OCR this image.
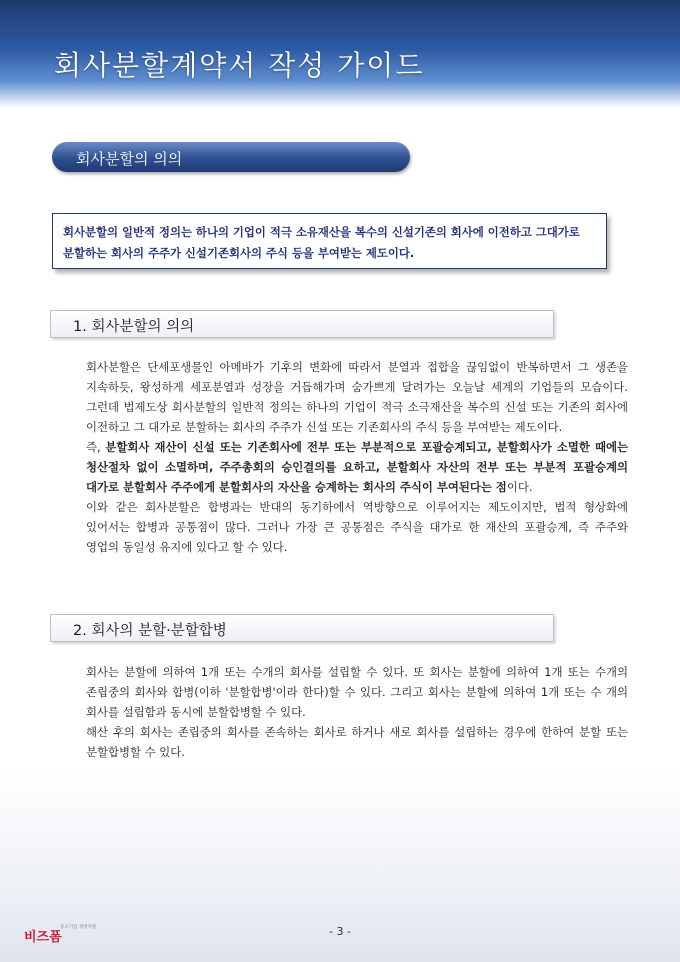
회사분할계약서 작성 가이드
회사분할의 의의
회사분할의 일반적 정의는 하나의 기업이 적극 소유재산을 복수의 신설기존의 회사에 이전하고 그대가로 분할하는 회사의 주주가 신설기존회사의 주식 등을 부여받는 제도이다.
1. 회사분할의 의의

회사분할은 단세포생물인 아메바가 기후의 변화에 따라서 분열과 접합을 끊임없이 반복하면서 그 생존을 지속하듯, 왕성하게 세포분열과 성장을 거듭해가며 숨가쁘게 달려가는 오늘날 세계의 기업들의 모습이다. 그런데 법제도상 회사분할의 일반적 정의는 하나의 기업이 적극 소극재산을 복수의 신설 또는 기존의 회사에 이전하고 그 대가로 분할하는 회사의 주주가 신설 또는 기존회사의 주식 등을 부여받는 제도이다.

즉, 분할회사 재산이 신설 또는 기존회사에 전부 또는 부분적으로 포괄승계되고, 분할회사가 소멸한 때에는 청산절차 없이 소멸하며, 주주총회의 승인결의를 요하고, 분할회사 자산의 전부 또는 부분적 포괄승계의 대가로 분할회사 주주에게 분할회사의 자산을 승계하는 회사의 주식이 부여된다는 점이다.

이와 같은 회사분할은 합병과는 반대의 동기하에서 역방향으로 이루어지는 제도이지만, 법적 형상화에 있어서는 합병과 공통점이 많다. 그러나 가장 큰 공통점은 주식을 대가로 한 재산의 포괄승계, 즉 주주와 영업의 동일성 유지에 있다고 할 수 있다.

2. 회사의 분할·분할합병

회사는 분할에 의하여 1개 또는 수개의 회사를 설립할 수 있다. 또 회사는 분할에 의하여 1개 또는 수개의 존립중의 회사와 합병(이하 '분할합병'이라 한다)할 수 있다. 그리고 회사는 분할에 의하여 1개 또는 수 개의 회사를 설립함과 동시에 분할합병할 수 있다.

해산 후의 회사는 존립중의 회사를 존속하는 회사로 하거나 새로 회사를 설립하는 경우에 한하여 분할 또는 분할합병할 수 있다.

비즈폼
중소기업 경영지원	- 3 -
